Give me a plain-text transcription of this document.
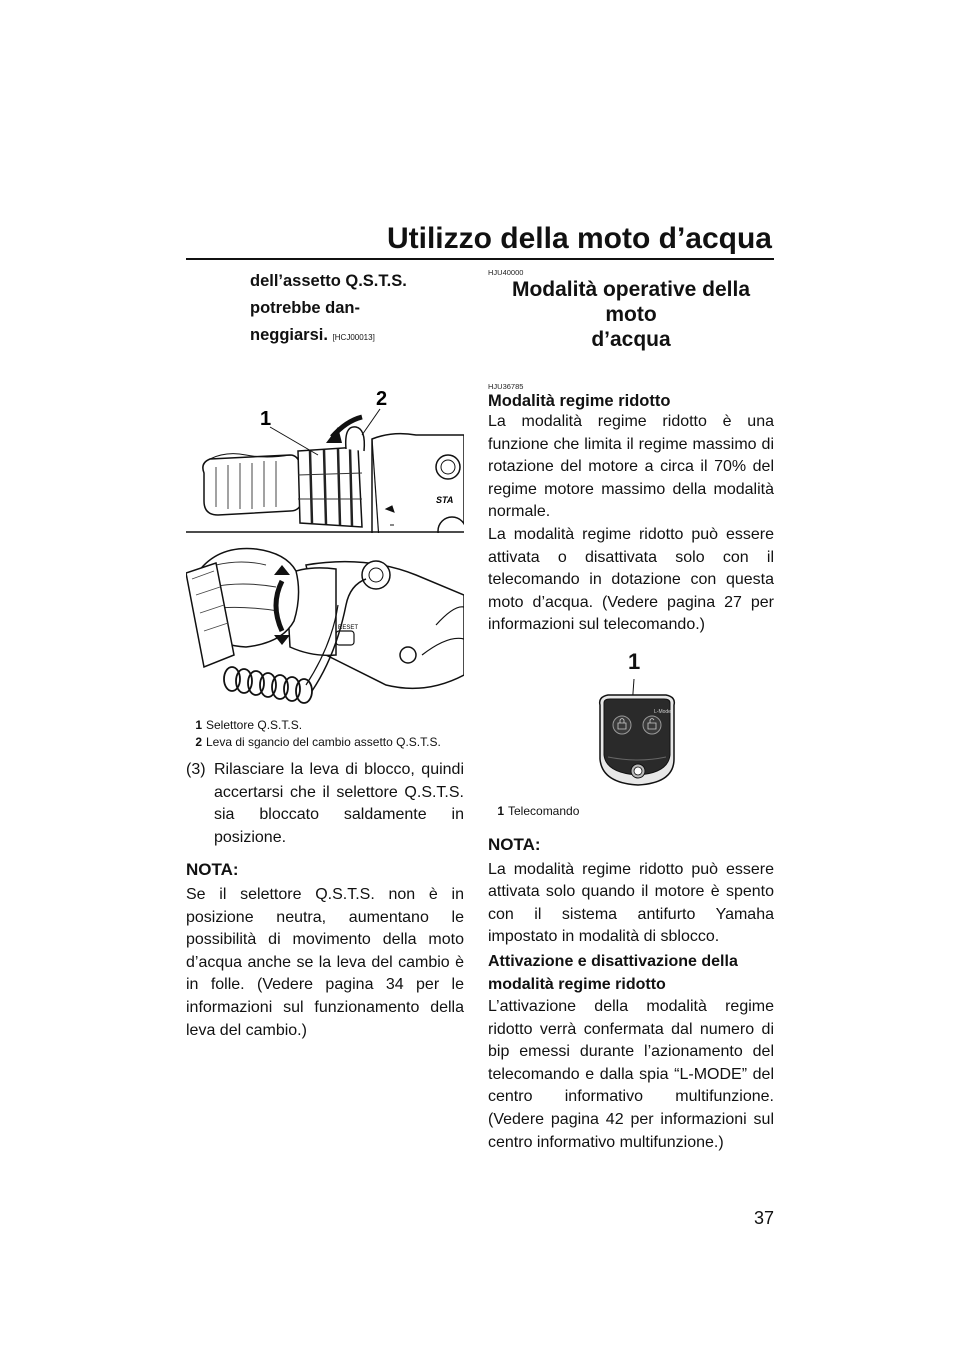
Utilizzo della moto d’acqua
dell’assetto Q.S.T.S. potrebbe dan-
neggiarsi. [HCJ00013]
1
2
STA
RESET

1 Selettore Q.S.T.S.

2 Leva di sgancio del cambio assetto Q.S.T.S.

(3) Rilasciare la leva di blocco, quindi accertarsi che il selettore Q.S.T.S. sia bloccato saldamente in posizione.
NOTA:
Se il selettore Q.S.T.S. non è in posizione neutra, aumentano le possibilità di movimento della moto d’acqua anche se la leva del cambio è in folle. (Vedere pagina 34 per le informazioni sul funzionamento della leva del cambio.)
HJU40000
Modalità operative della moto
d’acqua
HJU36785
Modalità regime ridotto
La modalità regime ridotto è una funzione che limita il regime massimo di rotazione del motore a circa il 70% del regime motore massimo della modalità normale.
La modalità regime ridotto può essere attivata o disattivata solo con il telecomando in dotazione con questa moto d’acqua. (Vedere pagina 27 per informazioni sul telecomando.)
1
L-Mode

1 Telecomando

NOTA:
La modalità regime ridotto può essere attivata solo quando il motore è spento con il sistema antifurto Yamaha impostato in modalità di sblocco.
Attivazione e disattivazione della modalità regime ridotto
L’attivazione della modalità regime ridotto verrà confermata dal numero di bip emessi durante l’azionamento del telecomando e dalla spia “L-MODE” del centro informativo multifunzione. (Vedere pagina 42 per informazioni sul centro informativo multifunzione.)
37
